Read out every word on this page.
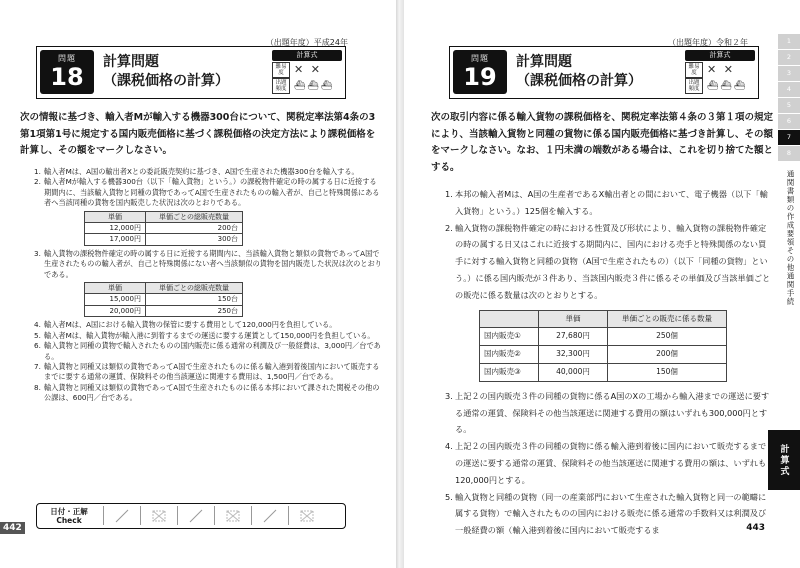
（出題年度）平成24年
問題
18
計算問題
（課税価格の計算）
計算式
難易度 ✕ ✕
出題頻度 ⛴⛴⛴
次の情報に基づき、輸入者Mが輸入する機器300台について、関税定率法第4条の3第1項第1号に規定する国内販売価格に基づく課税価格の決定方法により課税価格を計算し、その額をマークしなさい。
1. 輸入者Mは、A国の輸出者Xとの委託販売契約に基づき、A国で生産された機器300台を輸入する。
2. 輸入者Mが輸入する機器300台（以下「輸入貨物」という。）の課税物件確定の時の属する日に近接する期間内に、当該輸入貨物と同種の貨物であってA国で生産されたものの輸入者が、自己と特殊関係にある者へ当該同種の貨物を国内販売した状況は次のとおりである。
単価	単価ごとの総販売数量
12,000円	200台
17,000円	300台
3. 輸入貨物の課税物件確定の時の属する日に近接する期間内に、当該輸入貨物と類似の貨物であってA国で生産されたものの輸入者が、自己と特殊関係にない者へ当該類似の貨物を国内販売した状況は次のとおりである。
単価	単価ごとの総販売数量
15,000円	150台
20,000円	250台
4. 輸入者Mは、A国における輸入貨物の保管に要する費用として120,000円を負担している。
5. 輸入者Mは、輸入貨物が輸入港に到着するまでの運送に要する運賃として150,000円を負担している。
6. 輸入貨物と同種の貨物で輸入されたものの国内販売に係る通常の利潤及び一般経費は、3,000円／台である。
7. 輸入貨物と同種又は類似の貨物であってA国で生産されたものに係る輸入港到着後国内において販売するまでに要する通常の運賃、保険料その他当該運送に関連する費用は、1,500円／台である。
8. 輸入貨物と同種又は類似の貨物であってA国で生産されたものに係る本邦において課された関税その他の公課は、600円／台である。
日付・正解
Check
442
（出題年度）令和２年
問題
19
計算問題
（課税価格の計算）
計算式
難易度 ✕ ✕
出題頻度 ⛴⛴⛴
次の取引内容に係る輸入貨物の課税価格を、関税定率法第４条の３第１項の規定により、当該輸入貨物と同種の貨物に係る国内販売価格に基づき計算し、その額をマークしなさい。なお、１円未満の端数がある場合は、これを切り捨てた額とする。
1. 本邦の輸入者Mは、A国の生産者であるX輸出者との間において、電子機器（以下「輸入貨物」という。）125個を輸入する。
2. 輸入貨物の課税物件確定の時における性質及び形状により、輸入貨物の課税物件確定の時の属する日又はこれに近接する期間内に、国内における売手と特殊関係のない買手に対する輸入貨物と同種の貨物（A国で生産されたもの）（以下「同種の貨物」という。）に係る国内販売が３件あり、当該国内販売３件に係るその単価及び当該単価ごとの販売に係る数量は次のとおりとする。
	単価	単価ごとの販売に係る数量
国内販売①	27,680円	250個
国内販売②	32,300円	200個
国内販売③	40,000円	150個
3. 上記２の国内販売３件の同種の貨物に係るA国のXの工場から輸入港までの運送に要する通常の運賃、保険料その他当該運送に関連する費用の額はいずれも300,000円とする。
4. 上記２の国内販売３件の同種の貨物に係る輸入港到着後に国内において販売するまでの運送に要する通常の運賃、保険料その他当該運送に関連する費用の額は、いずれも120,000円とする。
5. 輸入貨物と同種の貨物（同一の産業部門において生産された輸入貨物と同一の範疇に属する貨物）で輸入されたものの国内における販売に係る通常の手数料又は利潤及び一般経費の額（輸入港到着後に国内において販売するま	443
1
2
3
4
5
6
7
8
通関書類の作成要領その他通関手続
計算式
